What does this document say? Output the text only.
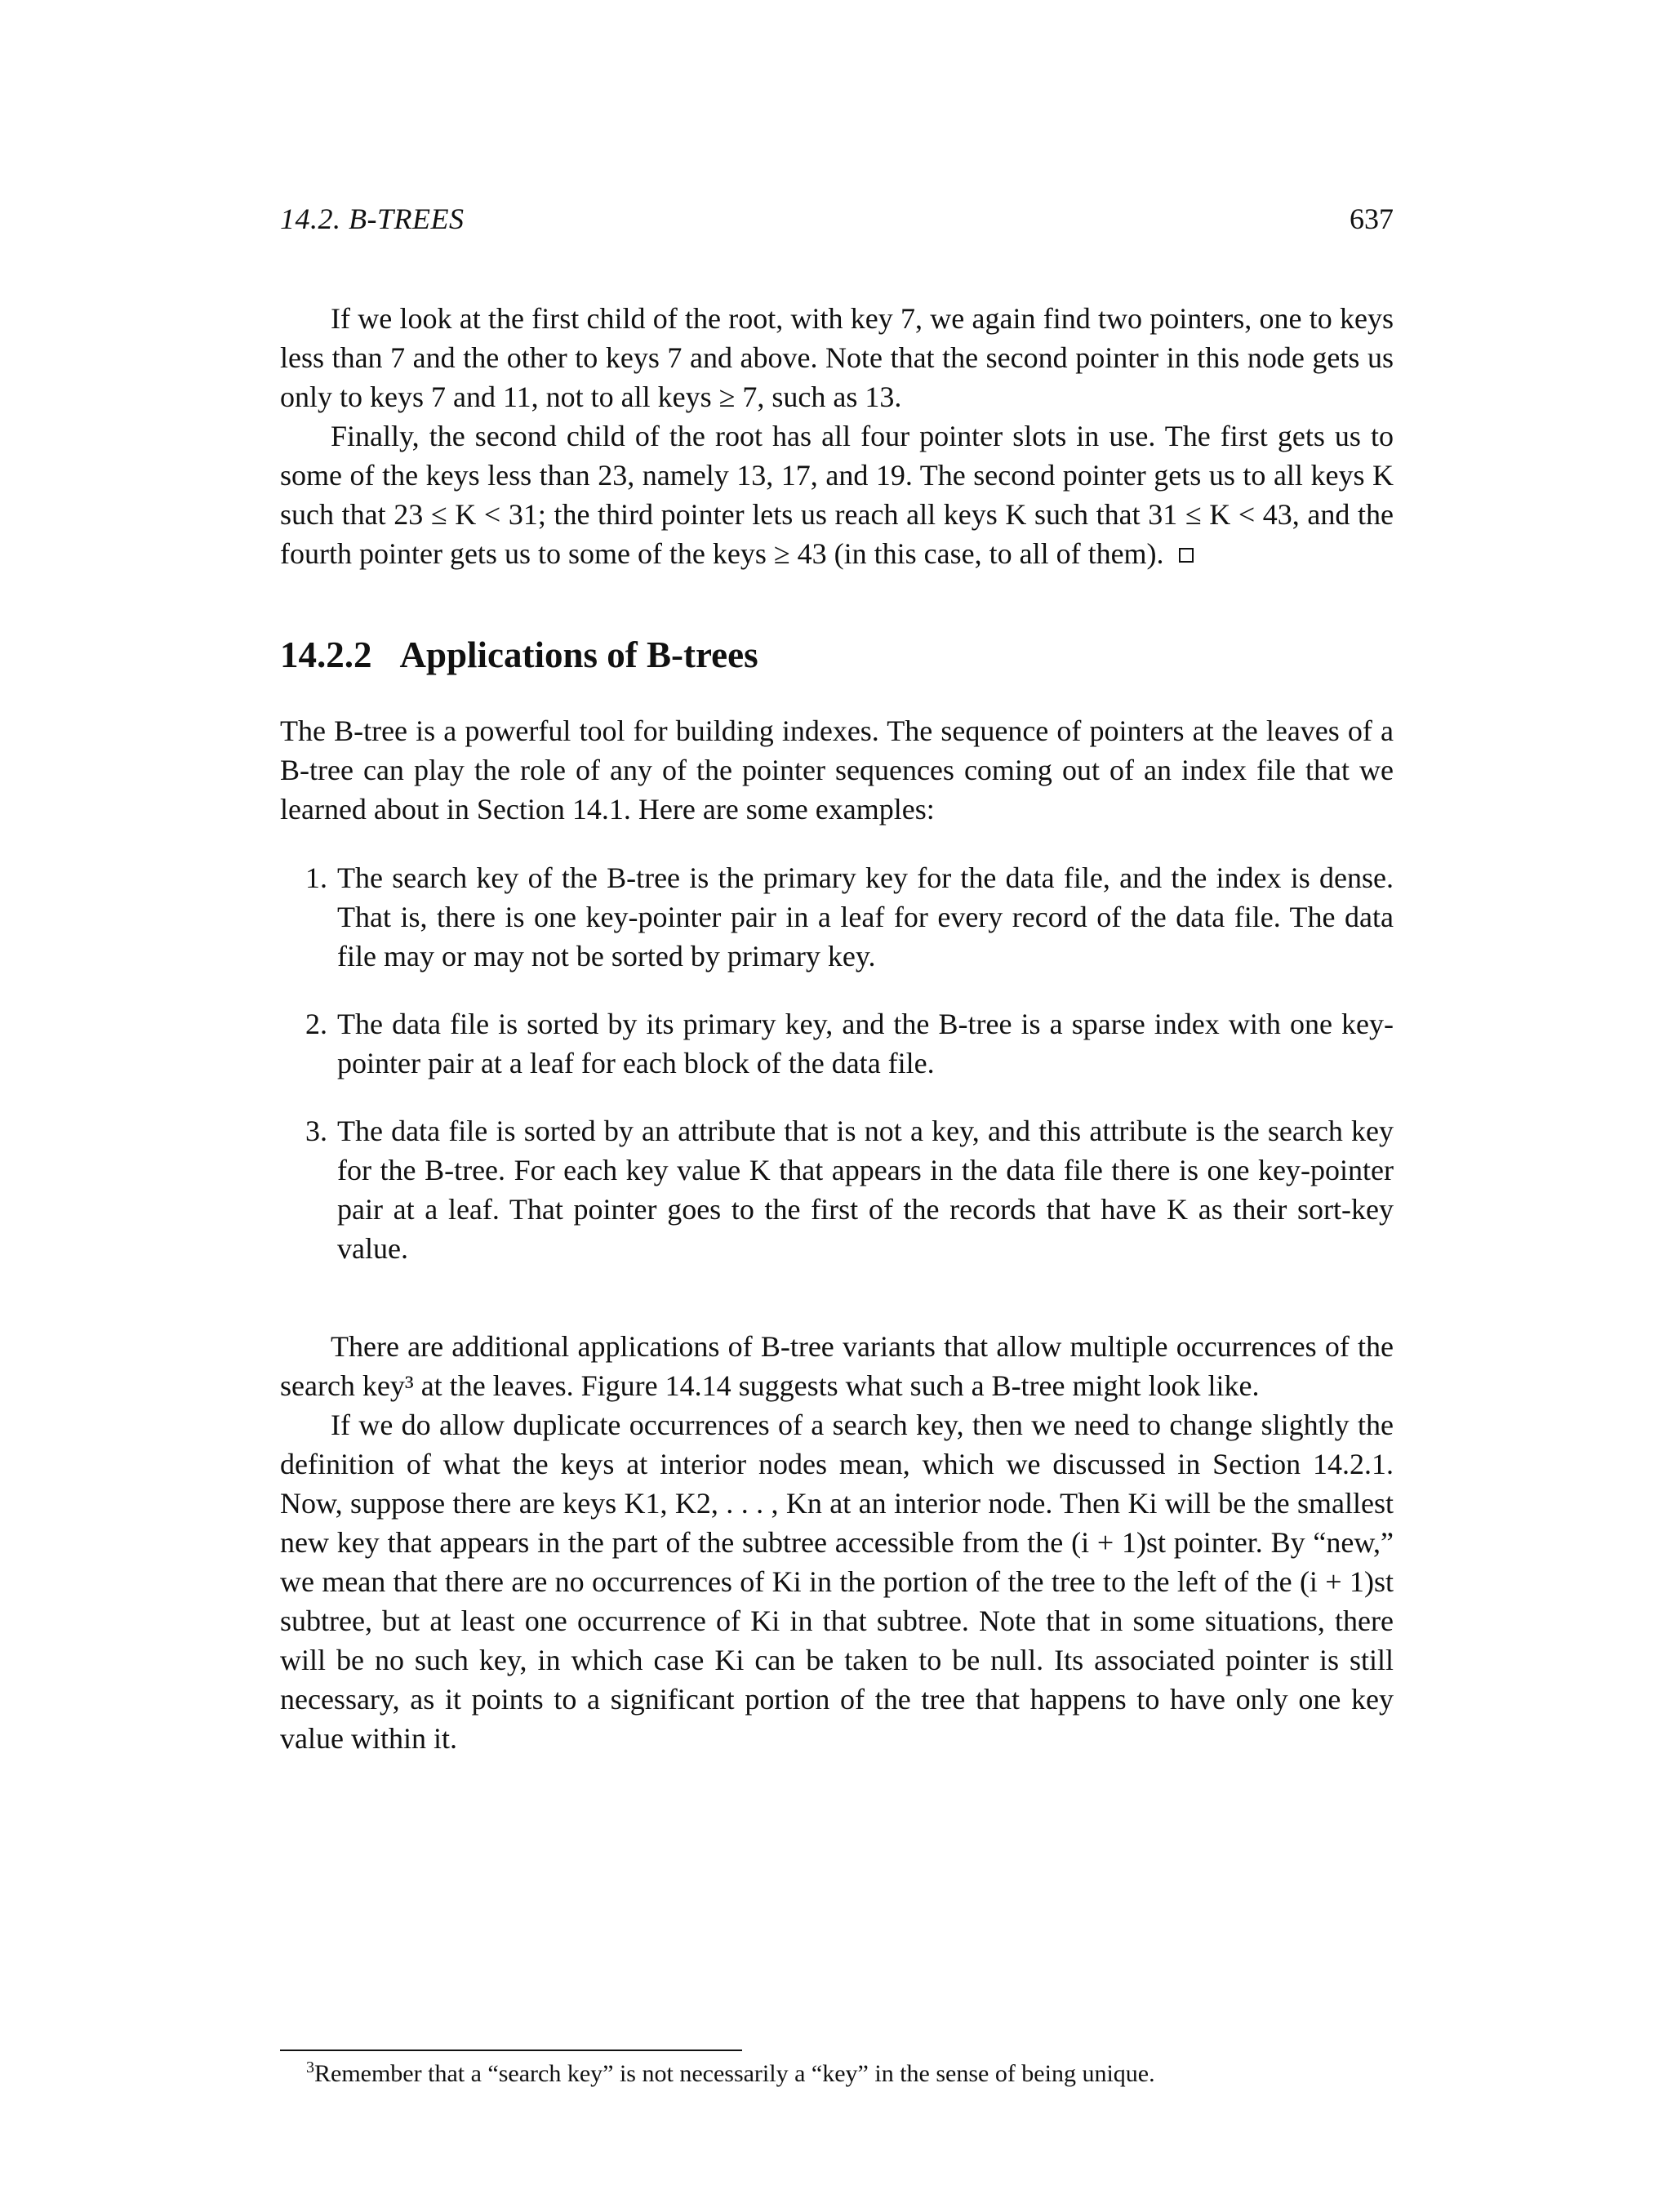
14.2. B-TREES	637

If we look at the first child of the root, with key 7, we again find two pointers, one to keys less than 7 and the other to keys 7 and above. Note that the second pointer in this node gets us only to keys 7 and 11, not to all keys ≥ 7, such as 13.

Finally, the second child of the root has all four pointer slots in use. The first gets us to some of the keys less than 23, namely 13, 17, and 19. The second pointer gets us to all keys K such that 23 ≤ K < 31; the third pointer lets us reach all keys K such that 31 ≤ K < 43, and the fourth pointer gets us to some of the keys ≥ 43 (in this case, to all of them).

14.2.2 Applications of B-trees

The B-tree is a powerful tool for building indexes. The sequence of pointers at the leaves of a B-tree can play the role of any of the pointer sequences coming out of an index file that we learned about in Section 14.1. Here are some examples:

1. The search key of the B-tree is the primary key for the data file, and the index is dense. That is, there is one key-pointer pair in a leaf for every record of the data file. The data file may or may not be sorted by primary key.
2. The data file is sorted by its primary key, and the B-tree is a sparse index with one key-pointer pair at a leaf for each block of the data file.
3. The data file is sorted by an attribute that is not a key, and this attribute is the search key for the B-tree. For each key value K that appears in the data file there is one key-pointer pair at a leaf. That pointer goes to the first of the records that have K as their sort-key value.

There are additional applications of B-tree variants that allow multiple occurrences of the search key³ at the leaves. Figure 14.14 suggests what such a B-tree might look like.

If we do allow duplicate occurrences of a search key, then we need to change slightly the definition of what the keys at interior nodes mean, which we discussed in Section 14.2.1. Now, suppose there are keys K1, K2, . . . , Kn at an interior node. Then Ki will be the smallest new key that appears in the part of the subtree accessible from the (i + 1)st pointer. By “new,” we mean that there are no occurrences of Ki in the portion of the tree to the left of the (i + 1)st subtree, but at least one occurrence of Ki in that subtree. Note that in some situations, there will be no such key, in which case Ki can be taken to be null. Its associated pointer is still necessary, as it points to a significant portion of the tree that happens to have only one key value within it.

$^3$Remember that a “search key” is not necessarily a “key” in the sense of being unique.
